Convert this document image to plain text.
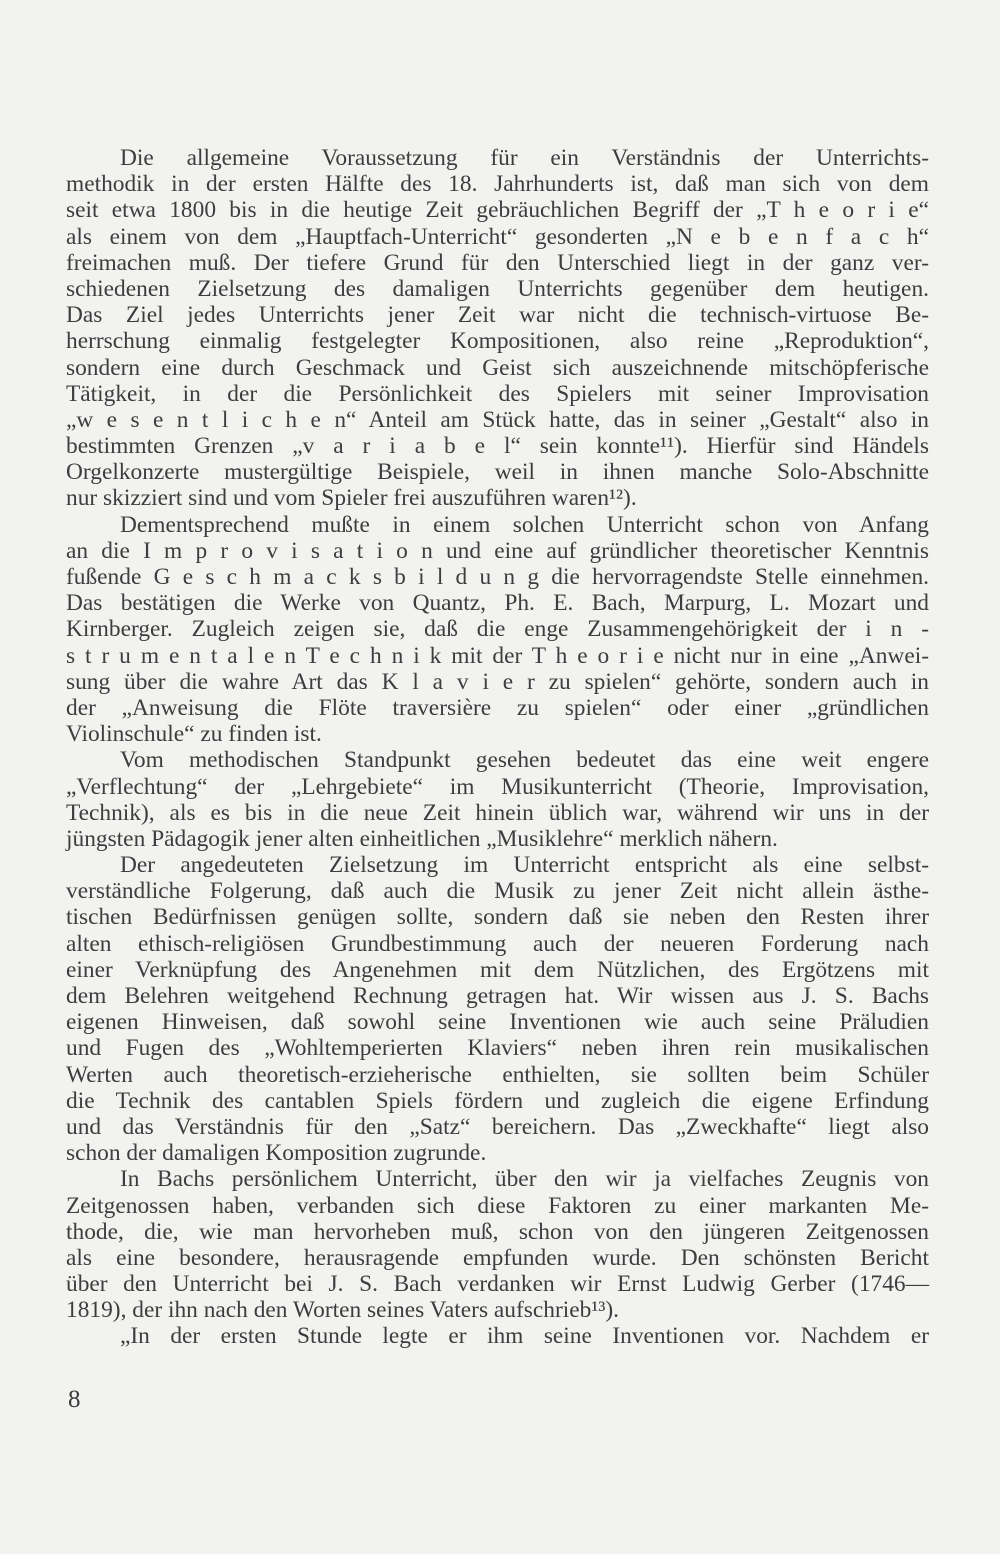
Die allgemeine Voraussetzung für ein Verständnis der Unterrichts-
methodik in der ersten Hälfte des 18. Jahrhunderts ist, daß man sich von dem
seit etwa 1800 bis in die heutige Zeit gebräuchlichen Begriff der „T h e o r i e“
als einem von dem „Hauptfach-Unterricht“ gesonderten „N e b e n f a c h“
freimachen muß. Der tiefere Grund für den Unterschied liegt in der ganz ver-
schiedenen Zielsetzung des damaligen Unterrichts gegenüber dem heutigen.
Das Ziel jedes Unterrichts jener Zeit war nicht die technisch-virtuose Be-
herrschung einmalig festgelegter Kompositionen, also reine „Reproduktion“,
sondern eine durch Geschmack und Geist sich auszeichnende mitschöpferische
Tätigkeit, in der die Persönlichkeit des Spielers mit seiner Improvisation
„w e s e n t l i c h e n“ Anteil am Stück hatte, das in seiner „Gestalt“ also in
bestimmten Grenzen „v a r i a b e l“ sein konnte¹¹). Hierfür sind Händels
Orgelkonzerte mustergültige Beispiele, weil in ihnen manche Solo-Abschnitte
nur skizziert sind und vom Spieler frei auszuführen waren¹²).
Dementsprechend mußte in einem solchen Unterricht schon von Anfang
an die I m p r o v i s a t i o n und eine auf gründlicher theoretischer Kenntnis
fußende G e s c h m a c k s b i l d u n g die hervorragendste Stelle einnehmen.
Das bestätigen die Werke von Quantz, Ph. E. Bach, Marpurg, L. Mozart und
Kirnberger. Zugleich zeigen sie, daß die enge Zusammengehörigkeit der i n -
s t r u m e n t a l e n T e c h n i k mit der T h e o r i e nicht nur in eine „Anwei-
sung über die wahre Art das K l a v i e r zu spielen“ gehörte, sondern auch in
der „Anweisung die Flöte traversière zu spielen“ oder einer „gründlichen
Violinschule“ zu finden ist.
Vom methodischen Standpunkt gesehen bedeutet das eine weit engere
„Verflechtung“ der „Lehrgebiete“ im Musikunterricht (Theorie, Improvisation,
Technik), als es bis in die neue Zeit hinein üblich war, während wir uns in der
jüngsten Pädagogik jener alten einheitlichen „Musiklehre“ merklich nähern.
Der angedeuteten Zielsetzung im Unterricht entspricht als eine selbst-
verständliche Folgerung, daß auch die Musik zu jener Zeit nicht allein ästhe-
tischen Bedürfnissen genügen sollte, sondern daß sie neben den Resten ihrer
alten ethisch-religiösen Grundbestimmung auch der neueren Forderung nach
einer Verknüpfung des Angenehmen mit dem Nützlichen, des Ergötzens mit
dem Belehren weitgehend Rechnung getragen hat. Wir wissen aus J. S. Bachs
eigenen Hinweisen, daß sowohl seine Inventionen wie auch seine Präludien
und Fugen des „Wohltemperierten Klaviers“ neben ihren rein musikalischen
Werten auch theoretisch-erzieherische enthielten, sie sollten beim Schüler
die Technik des cantablen Spiels fördern und zugleich die eigene Erfindung
und das Verständnis für den „Satz“ bereichern. Das „Zweckhafte“ liegt also
schon der damaligen Komposition zugrunde.
In Bachs persönlichem Unterricht, über den wir ja vielfaches Zeugnis von
Zeitgenossen haben, verbanden sich diese Faktoren zu einer markanten Me-
thode, die, wie man hervorheben muß, schon von den jüngeren Zeitgenossen
als eine besondere, herausragende empfunden wurde. Den schönsten Bericht
über den Unterricht bei J. S. Bach verdanken wir Ernst Ludwig Gerber (1746—
1819), der ihn nach den Worten seines Vaters aufschrieb¹³).
„In der ersten Stunde legte er ihm seine Inventionen vor. Nachdem er
8
